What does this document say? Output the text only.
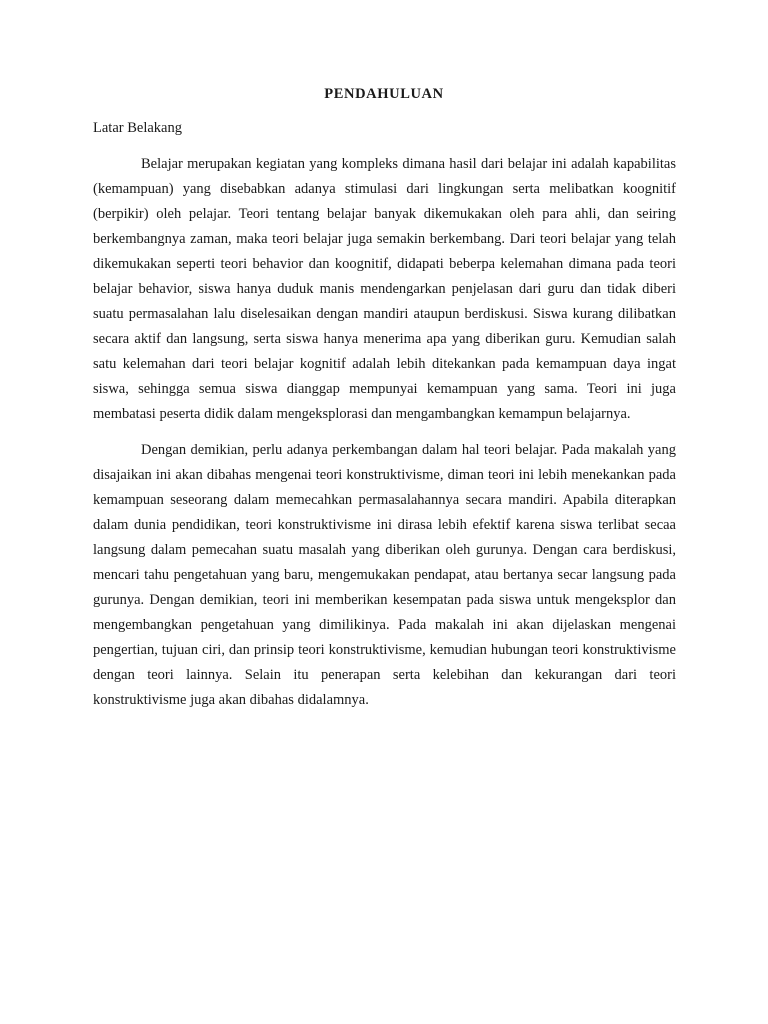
PENDAHULUAN
Latar Belakang

Belajar merupakan kegiatan yang kompleks dimana hasil dari belajar ini adalah kapabilitas (kemampuan) yang disebabkan adanya stimulasi dari lingkungan serta melibatkan koognitif (berpikir) oleh pelajar. Teori tentang belajar banyak dikemukakan oleh para ahli, dan seiring berkembangnya zaman, maka teori belajar juga semakin berkembang. Dari teori belajar yang telah dikemukakan seperti teori behavior dan koognitif, didapati beberpa kelemahan dimana pada teori belajar behavior, siswa hanya duduk manis mendengarkan penjelasan dari guru dan tidak diberi suatu permasalahan lalu diselesaikan dengan mandiri ataupun berdiskusi. Siswa kurang dilibatkan secara aktif dan langsung, serta siswa hanya menerima apa yang diberikan guru. Kemudian salah satu kelemahan dari teori belajar kognitif adalah lebih ditekankan pada kemampuan daya ingat siswa, sehingga semua siswa dianggap mempunyai kemampuan yang sama. Teori ini juga membatasi peserta didik dalam mengeksplorasi dan mengambangkan kemampun belajarnya.

Dengan demikian, perlu adanya perkembangan dalam hal teori belajar. Pada makalah yang disajaikan ini akan dibahas mengenai teori konstruktivisme, diman teori ini lebih menekankan pada kemampuan seseorang dalam memecahkan permasalahannya secara mandiri. Apabila diterapkan dalam dunia pendidikan, teori konstruktivisme ini dirasa lebih efektif karena siswa terlibat secaa langsung dalam pemecahan suatu masalah yang diberikan oleh gurunya. Dengan cara berdiskusi, mencari tahu pengetahuan yang baru, mengemukakan pendapat, atau bertanya secar langsung pada gurunya. Dengan demikian, teori ini memberikan kesempatan pada siswa untuk mengeksplor dan mengembangkan pengetahuan yang dimilikinya. Pada makalah ini akan dijelaskan mengenai pengertian, tujuan ciri, dan prinsip teori konstruktivisme, kemudian hubungan teori konstruktivisme dengan teori lainnya. Selain itu penerapan serta kelebihan dan kekurangan dari teori konstruktivisme juga akan dibahas didalamnya.
